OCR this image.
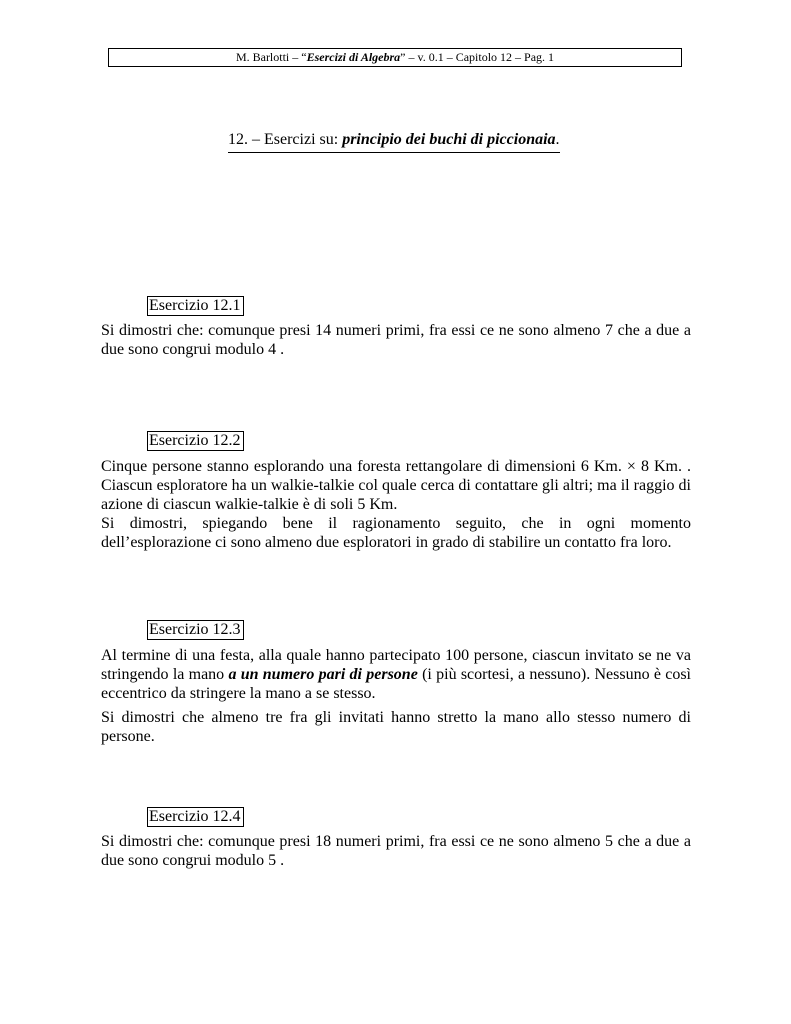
M. Barlotti – “Esercizi di Algebra” – v. 0.1 – Capitolo 12 – Pag. 1
12. – Esercizi su: principio dei buchi di piccionaia.
Esercizio 12.1

Si dimostri che: comunque presi 14 numeri primi, fra essi ce ne sono almeno 7 che a due a due sono congrui modulo 4 .

Esercizio 12.2

Cinque persone stanno esplorando una foresta rettangolare di dimensioni 6 Km. × 8 Km. . Ciascun esploratore ha un walkie-talkie col quale cerca di contattare gli altri; ma il raggio di azione di ciascun walkie-talkie è di soli 5 Km.

Si dimostri, spiegando bene il ragionamento seguito, che in ogni momento dell’esplorazione ci sono almeno due esploratori in grado di stabilire un contatto fra loro.

Esercizio 12.3

Al termine di una festa, alla quale hanno partecipato 100 persone, ciascun invitato se ne va stringendo la mano a un numero pari di persone (i più scortesi, a nessuno). Nessuno è così eccentrico da stringere la mano a se stesso.

Si dimostri che almeno tre fra gli invitati hanno stretto la mano allo stesso numero di persone.

Esercizio 12.4

Si dimostri che: comunque presi 18 numeri primi, fra essi ce ne sono almeno 5 che a due a due sono congrui modulo 5 .
